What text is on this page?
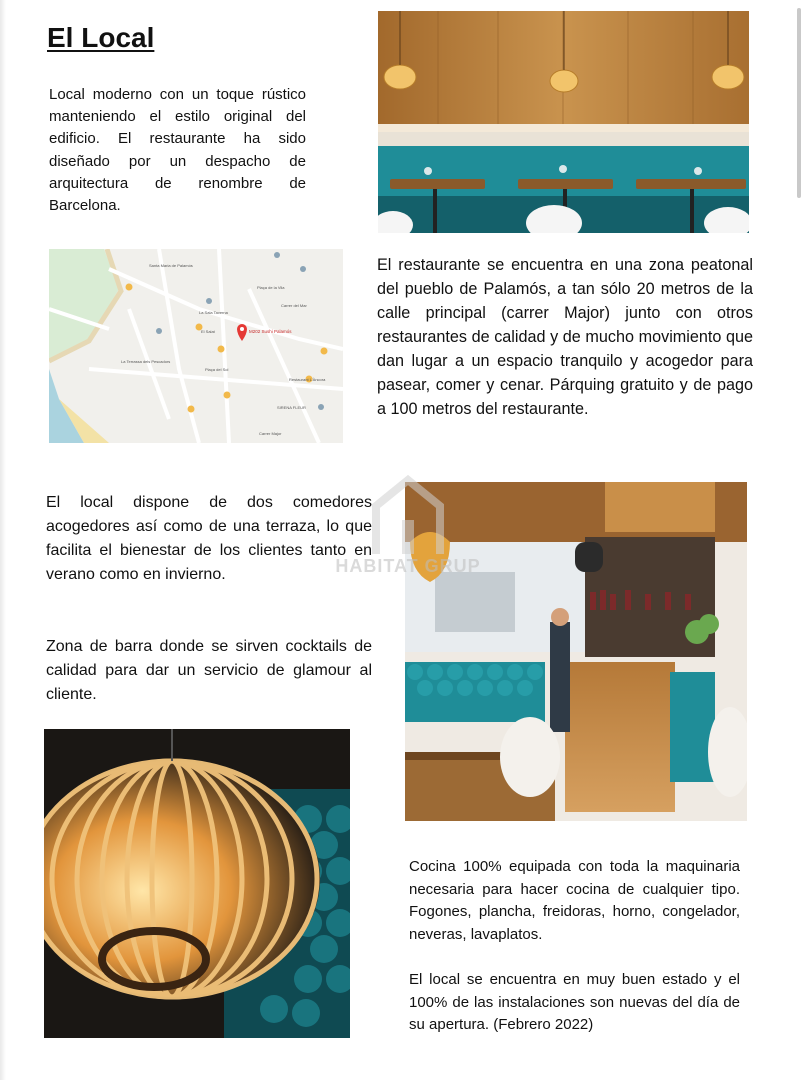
El Local

Local moderno con un toque rústico manteniendo el estilo original del edificio. El restaurante ha sido diseñado por un despacho de arquitectura de renombre de Barcelona.

Santa Maria de Palamós
Plaça de la Vila
Carrer del Mar
La Sala Taverna
El Salat	M202 Sushi Palamós
Plaça del Sol
La Terrassa dels Pescadors
Restaurant L'Àncora
SIRENA FLEUR
Carrer Major

El restaurante se encuentra en una zona peatonal del pueblo de Palamós, a tan sólo 20 metros de la calle principal (carrer Major) junto con otros restaurantes de calidad y de mucho movimiento que dan lugar a un espacio tranquilo y acogedor para pasear, comer y cenar. Párquing gratuito y de pago a 100 metros del restaurante.

El local dispone de dos comedores acogedores así como de una terraza, lo que facilita el bienestar de los clientes tanto en verano como en invierno.

Zona de barra donde se sirven cocktails de calidad para dar un servicio de glamour al cliente.

Cocina 100% equipada con toda la maquinaria necesaria para hacer cocina de cualquier tipo. Fogones, plancha, freidoras, horno, congelador, neveras, lavaplatos.

El local se encuentra en muy buen estado y el 100% de las instalaciones son nuevas del día de su apertura. (Febrero 2022)

HABITAT GRUP
